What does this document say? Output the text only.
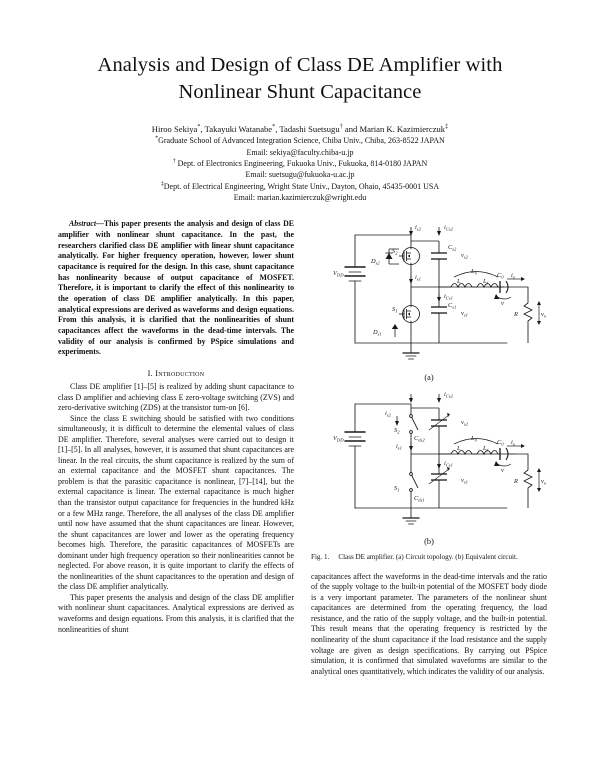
Analysis and Design of Class DE Amplifier with
Nonlinear Shunt Capacitance
Hiroo Sekiya*, Takayuki Watanabe*, Tadashi Suetsugu† and Marian K. Kazimierczuk‡
*Graduate School of Advanced Integration Science, Chiba Univ., Chiba, 263-8522 JAPAN
Email: sekiya@faculty.chiba-u.jp
† Dept. of Electronics Engineering, Fukuoka Univ., Fukuoka, 814-0180 JAPAN
Email: suetsugu@fukuoka-u.ac.jp
‡Dept. of Electrical Engineering, Wright State Univ., Dayton, Ohaio, 45435-0001 USA
Email: marian.kazimierczuk@wright.edu

Abstract—This paper presents the analysis and design of class DE amplifier with nonlinear shunt capacitance. In the past, the researchers clarified class DE amplifier with linear shunt capacitance analytically. For higher frequency operation, however, lower shunt capacitance is required for the design. In this case, shunt capacitance has nonlinearity because of output capacitance of MOSFET. Therefore, it is important to clarify the effect of this nonlinearity to the operation of class DE amplifier analytically. In this paper, analytical expressions are derived as waveforms and design equations. From this analysis, it is clarified that the nonlinearities of shunt capacitances affect the waveforms in the dead-time intervals. The validity of our analysis is confirmed by PSpice simulations and experiments.

I. Introduction

Class DE amplifier [1]–[5] is realized by adding shunt capacitance to class D amplifier and achieving class E zero-voltage switching (ZVS) and zero-derivative switching (ZDS) at the transistor turn-on [6].

Since the class E switching should be satisfied with two conditions simultaneously, it is difficult to determine the elemental values of class DE amplifier. Therefore, several analyses were carried out to design it [1]–[5]. In all analyses, however, it is assumed that shunt capacitances are linear. In the real circuits, the shunt capacitance is realized by the sum of an external capacitance and the MOSFET shunt capacitances. The problem is that the parasitic capacitance is nonlinear, [7]–[14], but the external capacitance is linear. The external capacitance is much higher than the transistor output capacitance for frequencies in the hundred kHz or a few MHz range. Therefore, the all analyses of the class DE amplifier until now have assumed that the shunt capacitances are linear. However, the shunt capacitances are lower and lower as the operating frequency becomes high. Therefore, the parasitic capacitances of MOSFETs are dominant under high frequency operation so their nonlinearities cannot be neglected. For above reason, it is quite important to clarify the effects of the nonlinearities of the shunt capacitances to the operation and design of the class DE amplifier analytically.

This paper presents the analysis and design of the class DE amplifier with nonlinear shunt capacitances. Analytical expressions are derived as waveforms and design equations. From this analysis, it is clarified that the nonlinearities of shunt

$V_{DD}$
$S_2$
$S_1$
$D_{s2}$
$D_{s1}$
$C_{s2}$
$C_{s1}$
$v_{s2}$
$v_{s1}$
$i_{s2}$
$i_{s1}$
$i_{Cs2}$
$i_{Cs1}$
$L_0$
L	$L_f$
$C_0$
v
$i_o$
R	$v_o$
(a)
$V_{DD}$
$S_2$
$S_1$
$C_{ds2}$
$C_{ds1}$
$v_{s2}$
$v_{s1}$
$i_{s2}$
$i_{s1}$
$i_{Cs2}$
$i_{Cs1}$
$L_0$
L	$L_f$
$C_0$
v
$i_o$
R	$v_o$
(b)
Fig. 1. Class DE amplifier. (a) Circuit topology. (b) Equivalent circuit.

capacitances affect the waveforms in the dead-time intervals and the ratio of the supply voltage to the built-in potential of the MOSFET body diode is a very important parameter. The parameters of the nonlinear shunt capacitances are determined from the operating frequency, the load resistance, and the ratio of the supply voltage, and the built-in potential. This result means that the operating frequency is restricted by the nonlinearity of the shunt capacitance if the load resistance and the supply voltage are given as design specifications. By carrying out PSpice simulation, it is confirmed that simulated waveforms are similar to the analytical ones quantitatively, which indicates the validity of our analysis.
